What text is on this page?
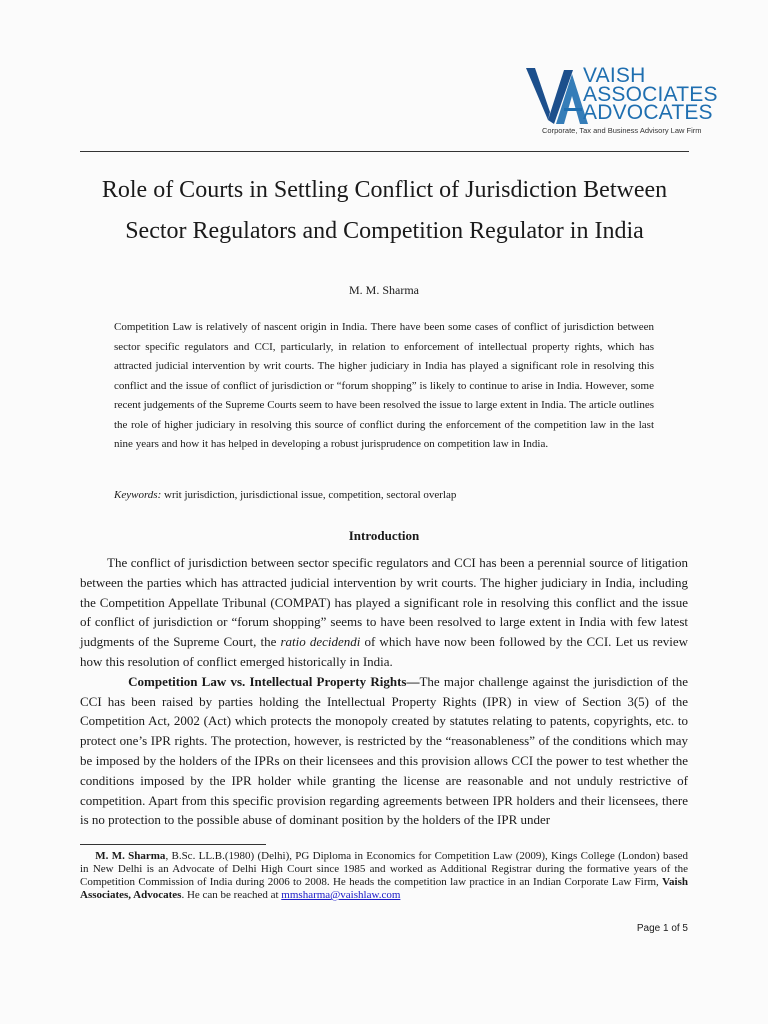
VAISH
ASSOCIATES
ADVOCATES
Corporate, Tax and Business Advisory Law Firm
Role of Courts in Settling Conflict of Jurisdiction Between
Sector Regulators and Competition Regulator in India
M. M. Sharma

Competition Law is relatively of nascent origin in India. There have been some cases of conflict of jurisdiction between sector specific regulators and CCI, particularly, in relation to enforcement of intellectual property rights, which has attracted judicial intervention by writ courts. The higher judiciary in India has played a significant role in resolving this conflict and the issue of conflict of jurisdiction or “forum shopping” is likely to continue to arise in India. However, some recent judgements of the Supreme Courts seem to have been resolved the issue to large extent in India. The article outlines the role of higher judiciary in resolving this source of conflict during the enforcement of the competition law in the last nine years and how it has helped in developing a robust jurisprudence on competition law in India.

Keywords: writ jurisdiction, jurisdictional issue, competition, sectoral overlap
Introduction

The conflict of jurisdiction between sector specific regulators and CCI has been a perennial source of litigation between the parties which has attracted judicial intervention by writ courts. The higher judiciary in India, including the Competition Appellate Tribunal (COMPAT) has played a significant role in resolving this conflict and the issue of conflict of jurisdiction or “forum shopping” seems to have been resolved to large extent in India with few latest judgments of the Supreme Court, the ratio decidendi of which have now been followed by the CCI. Let us review how this resolution of conflict emerged historically in India.

Competition Law vs. Intellectual Property Rights—The major challenge against the jurisdiction of the CCI has been raised by parties holding the Intellectual Property Rights (IPR) in view of Section 3(5) of the Competition Act, 2002 (Act) which protects the monopoly created by statutes relating to patents, copyrights, etc. to protect one’s IPR rights. The protection, however, is restricted by the “reasonableness” of the conditions which may be imposed by the holders of the IPRs on their licensees and this provision allows CCI the power to test whether the conditions imposed by the IPR holder while granting the license are reasonable and not unduly restrictive of competition. Apart from this specific provision regarding agreements between IPR holders and their licensees, there is no protection to the possible abuse of dominant position by the holders of the IPR under

M. M. Sharma, B.Sc. LL.B.(1980) (Delhi), PG Diploma in Economics for Competition Law (2009), Kings College (London) based in New Delhi is an Advocate of Delhi High Court since 1985 and worked as Additional Registrar during the formative years of the Competition Commission of India during 2006 to 2008. He heads the competition law practice in an Indian Corporate Law Firm, Vaish Associates, Advocates. He can be reached at mmsharma@vaishlaw.com

Page 1 of 5
